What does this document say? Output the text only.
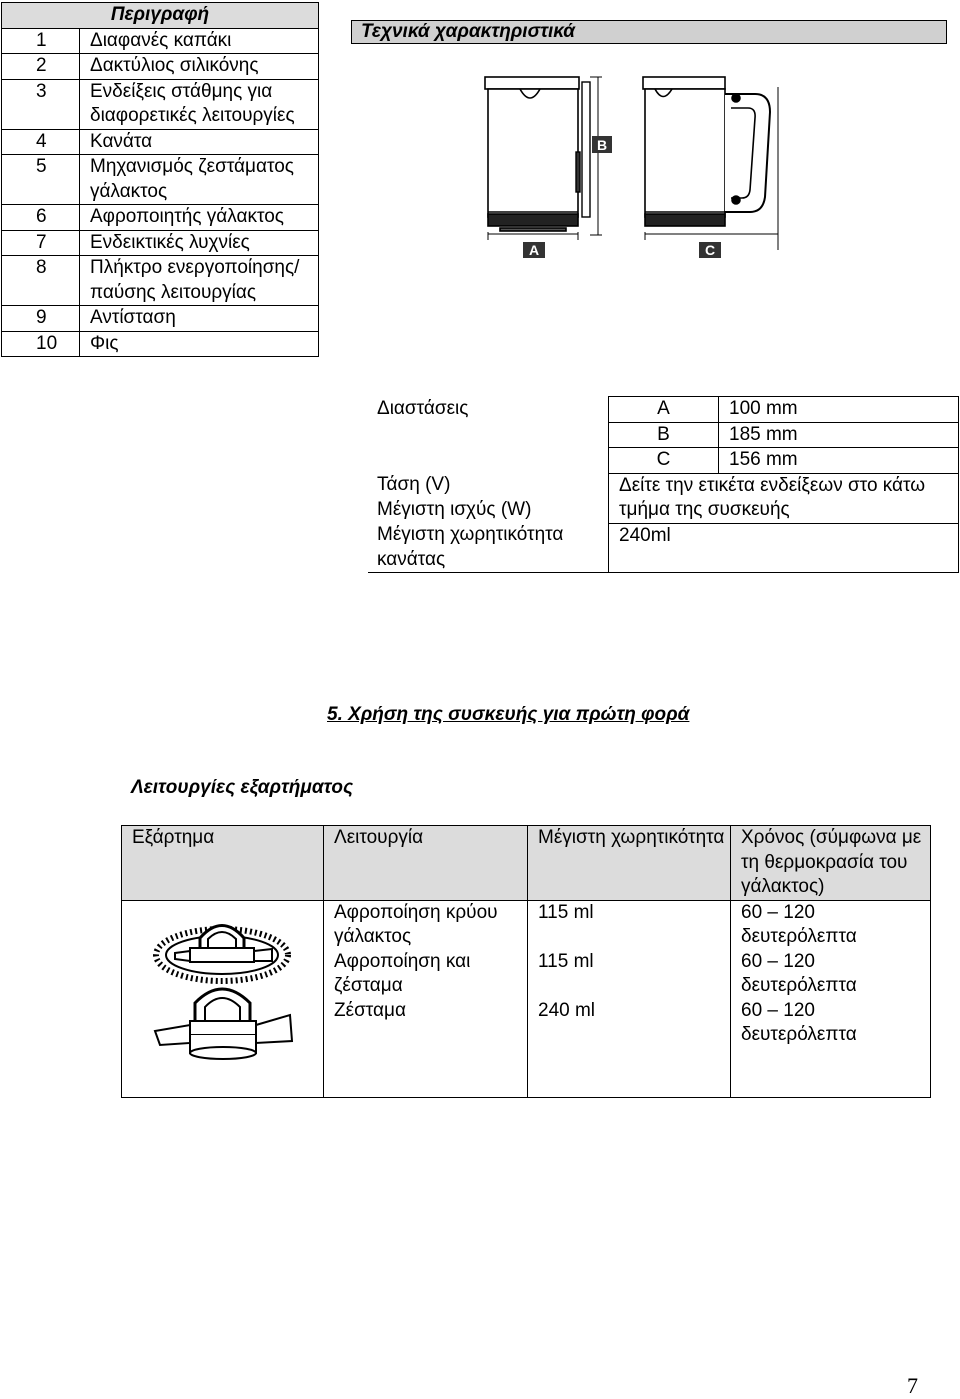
Περιγραφή	
1	Διαφανές καπάκι
2	Δακτύλιος σιλικόνης
3	Ενδείξεις στάθμης για διαφορετικές λειτουργίες
4	Κανάτα
5	Μηχανισμός ζεστάματος γάλακτος
6	Αφροποιητής γάλακτος
7	Ενδεικτικές λυχνίες
8	Πλήκτρο ενεργοποίησης/παύσης λειτουργίας
9	Αντίσταση
10	Φις
Τεχνικά χαρακτηριστικά
A
B
C
Διαστάσεις	A	100 mm
	B	185 mm
	C	156 mm

Τάση (V)
Μέγιστη ισχύς (W)	Δείτε την ετικέτα ενδείξεων στο κάτω τμήμα της συσκευής	
Μέγιστη χωρητικότητα κανάτας	240ml	
5. Χρήση της συσκευής για πρώτη φορά
Λειτουργίες εξαρτήματος
Εξάρτημα	Λειτουργία	Μέγιστη χωρητικότητα	Χρόνος (σύμφωνα με τη θερμοκρασία του γάλακτος)

	Αφροποίηση κρύου γάλακτος	115 ml	60 – 120 δευτερόλεπτα
	Αφροποίηση και ζέσταμα	115 ml	60 – 120 δευτερόλεπτα
	Ζέσταμα	240 ml	60 – 120 δευτερόλεπτα
7
